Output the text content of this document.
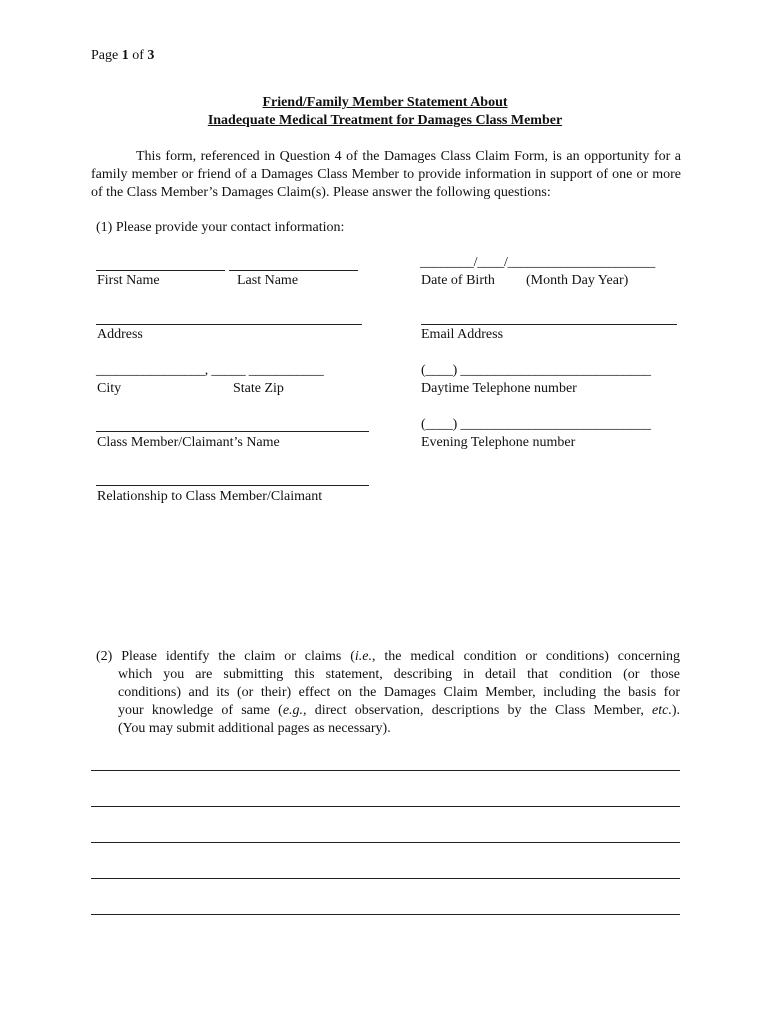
Page 1 of 3
Friend/Family Member Statement About
Inadequate Medical Treatment for Damages Class Member
This form, referenced in Question 4 of the Damages Class Claim Form, is an opportunity for a family member or friend of a Damages Class Member to provide information in support of one or more of the Class Member’s Damages Claim(s). Please answer the following questions:
(1) Please provide your contact information:
First Name	Last Name
________/____/______________________
Date of Birth (Month Day Year)
Address	Email Address
________________, _____ ___________
City	State Zip
(____) ____________________________
Daytime Telephone number
Class Member/Claimant’s Name
(____) ____________________________
Evening Telephone number
Relationship to Class Member/Claimant
(2) Please identify the claim or claims (i.e., the medical condition or conditions) concerning
which you are submitting this statement, describing in detail that condition (or those
conditions) and its (or their) effect on the Damages Claim Member, including the basis for
your knowledge of same (e.g., direct observation, descriptions by the Class Member, etc.).
(You may submit additional pages as necessary).
